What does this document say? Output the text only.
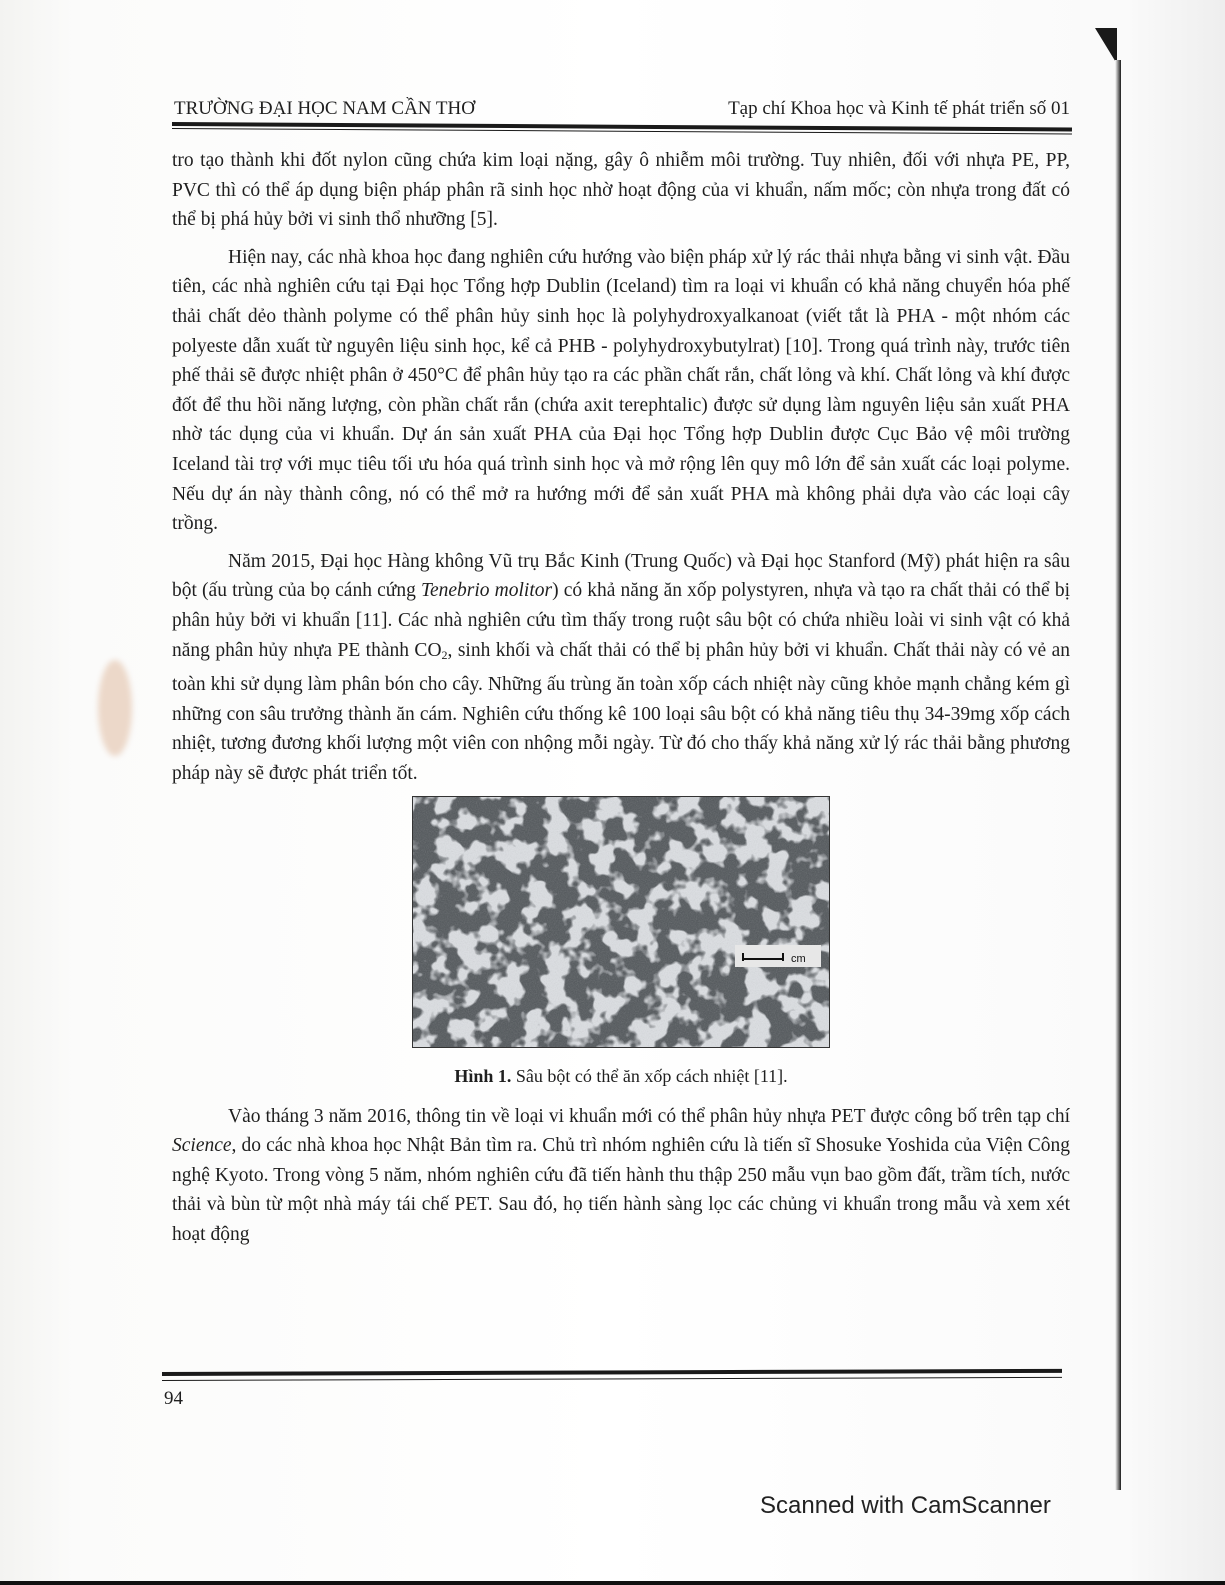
TRƯỜNG ĐẠI HỌC NAM CẦN THƠ	Tạp chí Khoa học và Kinh tế phát triển số 01

tro tạo thành khi đốt nylon cũng chứa kim loại nặng, gây ô nhiễm môi trường. Tuy nhiên, đối với nhựa PE, PP, PVC thì có thể áp dụng biện pháp phân rã sinh học nhờ hoạt động của vi khuẩn, nấm mốc; còn nhựa trong đất có thể bị phá hủy bởi vi sinh thổ nhưỡng [5].

Hiện nay, các nhà khoa học đang nghiên cứu hướng vào biện pháp xử lý rác thải nhựa bằng vi sinh vật. Đầu tiên, các nhà nghiên cứu tại Đại học Tổng hợp Dublin (Iceland) tìm ra loại vi khuẩn có khả năng chuyển hóa phế thải chất dẻo thành polyme có thể phân hủy sinh học là polyhydroxyalkanoat (viết tắt là PHA - một nhóm các polyeste dẫn xuất từ nguyên liệu sinh học, kể cả PHB - polyhydroxybutylrat) [10]. Trong quá trình này, trước tiên phế thải sẽ được nhiệt phân ở 450°C để phân hủy tạo ra các phần chất rắn, chất lỏng và khí. Chất lỏng và khí được đốt để thu hồi năng lượng, còn phần chất rắn (chứa axit terephtalic) được sử dụng làm nguyên liệu sản xuất PHA nhờ tác dụng của vi khuẩn. Dự án sản xuất PHA của Đại học Tổng hợp Dublin được Cục Bảo vệ môi trường Iceland tài trợ với mục tiêu tối ưu hóa quá trình sinh học và mở rộng lên quy mô lớn để sản xuất các loại polyme. Nếu dự án này thành công, nó có thể mở ra hướng mới để sản xuất PHA mà không phải dựa vào các loại cây trồng.

Năm 2015, Đại học Hàng không Vũ trụ Bắc Kinh (Trung Quốc) và Đại học Stanford (Mỹ) phát hiện ra sâu bột (ấu trùng của bọ cánh cứng Tenebrio molitor) có khả năng ăn xốp polystyren, nhựa và tạo ra chất thải có thể bị phân hủy bởi vi khuẩn [11]. Các nhà nghiên cứu tìm thấy trong ruột sâu bột có chứa nhiều loài vi sinh vật có khả năng phân hủy nhựa PE thành $CO_2$, sinh khối và chất thải có thể bị phân hủy bởi vi khuẩn. Chất thải này có vẻ an toàn khi sử dụng làm phân bón cho cây. Những ấu trùng ăn toàn xốp cách nhiệt này cũng khỏe mạnh chẳng kém gì những con sâu trưởng thành ăn cám. Nghiên cứu thống kê 100 loại sâu bột có khả năng tiêu thụ 34-39mg xốp cách nhiệt, tương đương khối lượng một viên con nhộng mỗi ngày. Từ đó cho thấy khả năng xử lý rác thải bằng phương pháp này sẽ được phát triển tốt.

cm
Hình 1. Sâu bột có thể ăn xốp cách nhiệt [11].

Vào tháng 3 năm 2016, thông tin về loại vi khuẩn mới có thể phân hủy nhựa PET được công bố trên tạp chí Science, do các nhà khoa học Nhật Bản tìm ra. Chủ trì nhóm nghiên cứu là tiến sĩ Shosuke Yoshida của Viện Công nghệ Kyoto. Trong vòng 5 năm, nhóm nghiên cứu đã tiến hành thu thập 250 mẫu vụn bao gồm đất, trầm tích, nước thải và bùn từ một nhà máy tái chế PET. Sau đó, họ tiến hành sàng lọc các chủng vi khuẩn trong mẫu và xem xét hoạt động

94
Scanned with CamScanner
